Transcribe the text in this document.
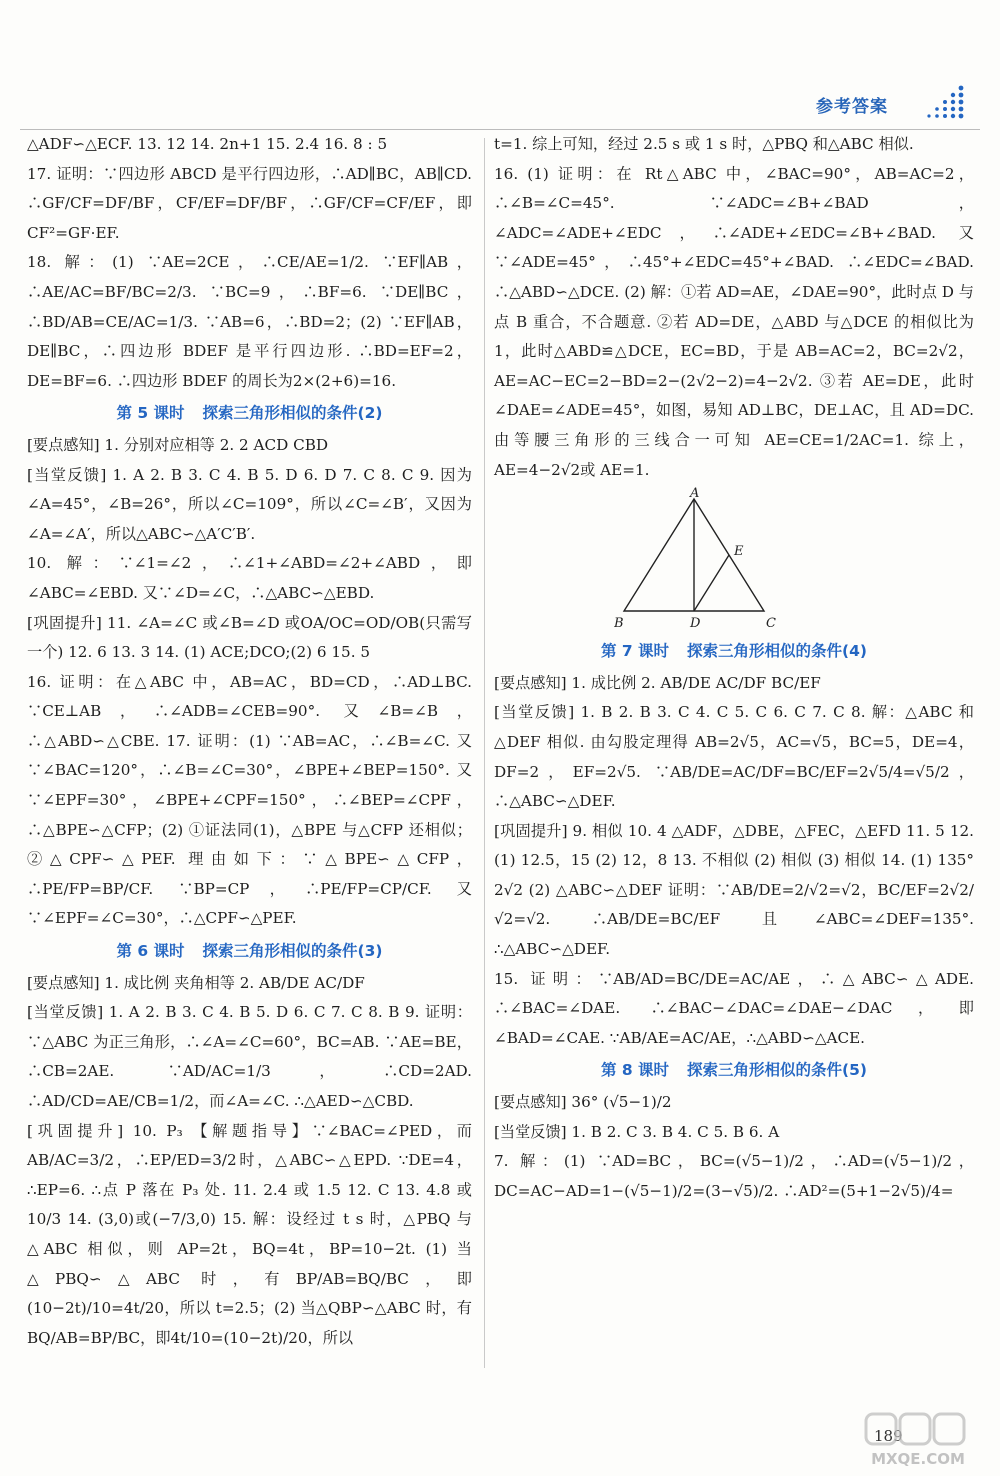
参考答案

△ADF∽△ECF. 13. 12 14. 2n+1 15. 2.4 16. 8 : 5

17. 证明：∵四边形 ABCD 是平行四边形，∴AD∥BC，AB∥CD. ∴GF/CF=DF/BF，CF/EF=DF/BF，∴GF/CF=CF/EF，即 CF²=GF·EF.

18. 解：(1) ∵AE=2CE，∴CE/AE=1/2. ∵EF∥AB，∴AE/AC=BF/BC=2/3. ∵BC=9，∴BF=6. ∵DE∥BC，∴BD/AB=CE/AC=1/3. ∵AB=6，∴BD=2；(2) ∵EF∥AB，DE∥BC，∴四边形 BDEF 是平行四边形. ∴BD=EF=2，DE=BF=6. ∴四边形 BDEF 的周长为2×(2+6)=16.

第 5 课时 探索三角形相似的条件(2)

[要点感知] 1. 分别对应相等 2. 2 ACD CBD

[当堂反馈] 1. A 2. B 3. C 4. B 5. D 6. D 7. C 8. C 9. 因为∠A=45°，∠B=26°，所以∠C=109°，所以∠C=∠B′，又因为∠A=∠A′，所以△ABC∽△A′C′B′.

10. 解：∵∠1=∠2，∴∠1+∠ABD=∠2+∠ABD，即∠ABC=∠EBD. 又∵∠D=∠C，∴△ABC∽△EBD.

[巩固提升] 11. ∠A=∠C 或∠B=∠D 或OA/OC=OD/OB(只需写一个) 12. 6 13. 3 14. (1) ACE;DCO;(2) 6 15. 5

16. 证明：在△ABC 中，AB=AC，BD=CD，∴AD⊥BC. ∵CE⊥AB，∴∠ADB=∠CEB=90°. 又∠B=∠B，∴△ABD∽△CBE. 17. 证明：(1) ∵AB=AC，∴∠B=∠C. 又∵∠BAC=120°，∴∠B=∠C=30°，∠BPE+∠BEP=150°. 又∵∠EPF=30°，∠BPE+∠CPF=150°，∴∠BEP=∠CPF，∴△BPE∽△CFP；(2) ①证法同(1)，△BPE 与△CFP 还相似；②△CPF∽△PEF. 理由如下：∵△BPE∽△CFP，∴PE/FP=BP/CF. ∵BP=CP，∴PE/FP=CP/CF. 又∵∠EPF=∠C=30°，∴△CPF∽△PEF.

第 6 课时 探索三角形相似的条件(3)

[要点感知] 1. 成比例 夹角相等 2. AB/DE AC/DF

[当堂反馈] 1. A 2. B 3. C 4. B 5. D 6. C 7. C 8. B 9. 证明：∵△ABC 为正三角形，∴∠A=∠C=60°，BC=AB. ∵AE=BE，∴CB=2AE. ∵AD/AC=1/3，∴CD=2AD. ∴AD/CD=AE/CB=1/2，而∠A=∠C. ∴△AED∽△CBD.

[巩固提升] 10. P₃ 【解题指导】∵∠BAC=∠PED，而AB/AC=3/2，∴EP/ED=3/2时，△ABC∽△EPD. ∵DE=4，∴EP=6. ∴点 P 落在 P₃ 处. 11. 2.4 或 1.5 12. C 13. 4.8 或 10/3 14. (3,0)或(−7/3,0) 15. 解：设经过 t s 时，△PBQ 与△ABC 相似，则 AP=2t，BQ=4t，BP=10−2t. (1) 当△PBQ∽△ABC 时，有BP/AB=BQ/BC，即(10−2t)/10=4t/20，所以 t=2.5；(2) 当△QBP∽△ABC 时，有BQ/AB=BP/BC，即4t/10=(10−2t)/20，所以

t=1. 综上可知，经过 2.5 s 或 1 s 时，△PBQ 和△ABC 相似.

16. (1) 证明：在 Rt△ABC 中，∠BAC=90°，AB=AC=2，∴∠B=∠C=45°. ∵∠ADC=∠B+∠BAD，∠ADC=∠ADE+∠EDC，∴∠ADE+∠EDC=∠B+∠BAD. 又∵∠ADE=45°，∴45°+∠EDC=45°+∠BAD. ∴∠EDC=∠BAD. ∴△ABD∽△DCE. (2) 解：①若 AD=AE，∠DAE=90°，此时点 D 与点 B 重合，不合题意. ②若 AD=DE，△ABD 与△DCE 的相似比为 1，此时△ABD≌△DCE，EC=BD，于是 AB=AC=2，BC=2√2，AE=AC−EC=2−BD=2−(2√2−2)=4−2√2. ③若 AE=DE，此时∠DAE=∠ADE=45°，如图，易知 AD⊥BC，DE⊥AC，且 AD=DC. 由等腰三角形的三线合一可知 AE=CE=1/2AC=1. 综上，AE=4−2√2或 AE=1.

A
B	D	C
E
第 7 课时 探索三角形相似的条件(4)

[要点感知] 1. 成比例 2. AB/DE AC/DF BC/EF

[当堂反馈] 1. B 2. B 3. C 4. C 5. C 6. C 7. C 8. 解：△ABC 和△DEF 相似. 由勾股定理得 AB=2√5，AC=√5，BC=5，DE=4，DF=2，EF=2√5. ∵AB/DE=AC/DF=BC/EF=2√5/4=√5/2，∴△ABC∽△DEF.

[巩固提升] 9. 相似 10. 4 △ADF，△DBE，△FEC，△EFD 11. 5 12. (1) 12.5，15 (2) 12，8 13. 不相似 (2) 相似 (3) 相似 14. (1) 135° 2√2 (2) △ABC∽△DEF 证明：∵AB/DE=2/√2=√2，BC/EF=2√2/√2=√2. ∴AB/DE=BC/EF 且∠ABC=∠DEF=135°. ∴△ABC∽△DEF.

15. 证明：∵AB/AD=BC/DE=AC/AE，∴△ABC∽△ADE. ∴∠BAC=∠DAE. ∴∠BAC−∠DAC=∠DAE−∠DAC，即∠BAD=∠CAE. ∵AB/AE=AC/AE，∴△ABD∽△ACE.

第 8 课时 探索三角形相似的条件(5)

[要点感知] 36° (√5−1)/2

[当堂反馈] 1. B 2. C 3. B 4. C 5. B 6. A

7. 解：(1) ∵AD=BC，BC=(√5−1)/2，∴AD=(√5−1)/2，DC=AC−AD=1−(√5−1)/2=(3−√5)/2. ∴AD²=(5+1−2√5)/4=

189
MXQE.COM
